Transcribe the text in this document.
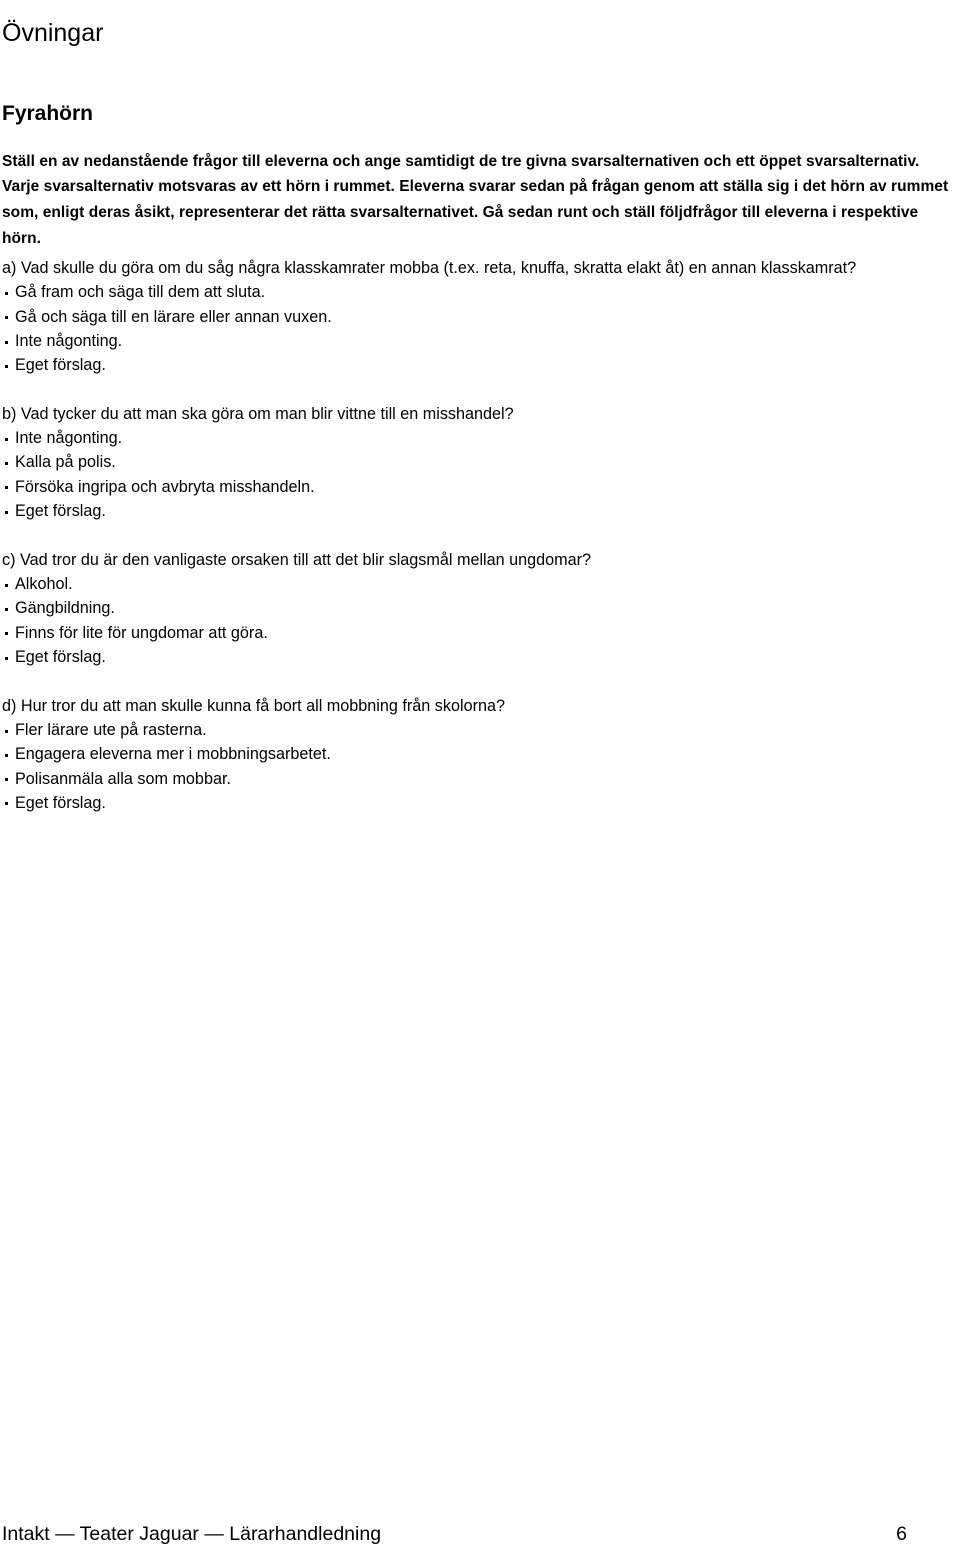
Övningar
Fyrahörn

Ställ en av nedanstående frågor till eleverna och ange samtidigt de tre givna svarsalternativen och ett öppet svarsalternativ. Varje svarsalternativ motsvaras av ett hörn i rummet. Eleverna svarar sedan på frågan genom att ställa sig i det hörn av rummet som, enligt deras åsikt, representerar det rätta svarsalternativet. Gå sedan runt och ställ följdfrågor till eleverna i respektive hörn.

a) Vad skulle du göra om du såg några klasskamrater mobba (t.ex. reta, knuffa, skratta elakt åt) en annan klasskamrat?
Gå fram och säga till dem att sluta.
Gå och säga till en lärare eller annan vuxen.
Inte någonting.
Eget förslag.
b) Vad tycker du att man ska göra om man blir vittne till en misshandel?
Inte någonting.
Kalla på polis.
Försöka ingripa och avbryta misshandeln.
Eget förslag.
c) Vad tror du är den vanligaste orsaken till att det blir slagsmål mellan ungdomar?
Alkohol.
Gängbildning.
Finns för lite för ungdomar att göra.
Eget förslag.
d) Hur tror du att man skulle kunna få bort all mobbning från skolorna?
Fler lärare ute på rasterna.
Engagera eleverna mer i mobbningsarbetet.
Polisanmäla alla som mobbar.
Eget förslag.
Intakt — Teater Jaguar — Lärarhandledning	6
